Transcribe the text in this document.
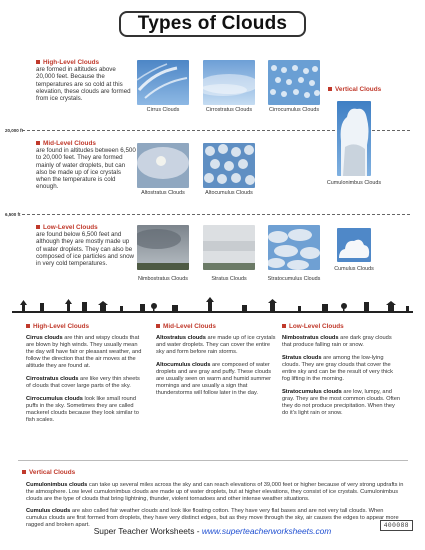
Types of Clouds
High-Level Clouds
are formed in altitudes above 20,000 feet. Because the temperatures are so cold at this elevation, these clouds are formed from ice crystals.
Cirrus Clouds	Cirrostratus Clouds	Cirrocumulus Clouds
Vertical Clouds
20,000 ft
Cumulonimbus Clouds
Mid-Level Clouds
are found in altitudes between 6,500 to 20,000 feet. They are formed mainly of water droplets, but can also be made up of ice crystals when the temperature is cold enough.
Altostratus Clouds	Altocumulus Clouds
6,500 ft
Low-Level Clouds
are found below 6,500 feet and although they are mostly made up of water droplets. They can also be composed of ice particles and snow in very cold temperatures.
Nimbostratus Clouds	Stratus Clouds	Stratocumulus Clouds
Cumulus Clouds
High-Level Clouds

Cirrus clouds are thin and wispy clouds that are blown by high winds. They usually mean the day will have fair or pleasant weather, and follow the direction that the air moves at the altitude they are found at.

Cirrostratus clouds are like very thin sheets of clouds that cover large parts of the sky.

Cirrocumulus clouds look like small round puffs in the sky. Sometimes they are called mackerel clouds because they look similar to fish scales.

Mid-Level Clouds

Altostratus clouds are made up of ice crystals and water droplets. They can cover the entire sky and form before rain storms.

Altocumulus clouds are composed of water droplets and are gray and puffy. These clouds are usually seen on warm and humid summer mornings and are usually a sign that thunderstorms will follow later in the day.

Low-Level Clouds

Nimbostratus clouds are dark gray clouds that produce falling rain or snow.

Stratus clouds are among the low-lying clouds. They are gray clouds that cover the entire sky and can be the result of very thick fog lifting in the morning.

Stratocumulus clouds are low, lumpy, and gray. They are the most common clouds. Often they do not produce precipitation. When they do it's light rain or snow.

Vertical Clouds

Cumulonimbus clouds can take up several miles across the sky and can reach elevations of 39,000 feet or higher because of very strong updrafts in the atmosphere. Low level cumulonimbus clouds are made up of water droplets, but at higher elevations, they consist of ice crystals. Cumulonimbus clouds are the type of clouds that bring lightning, thunder, violent tornadoes and other intense weather situations.

Cumulus clouds are also called fair weather clouds and look like floating cotton. They have very flat bases and are not very tall clouds. When cumulus clouds are first formed from droplets, they have very distinct edges, but as they move through the sky, air causes the edges to appear more ragged and broken apart.

Super Teacher Worksheets - www.superteacherworksheets.com
400088
